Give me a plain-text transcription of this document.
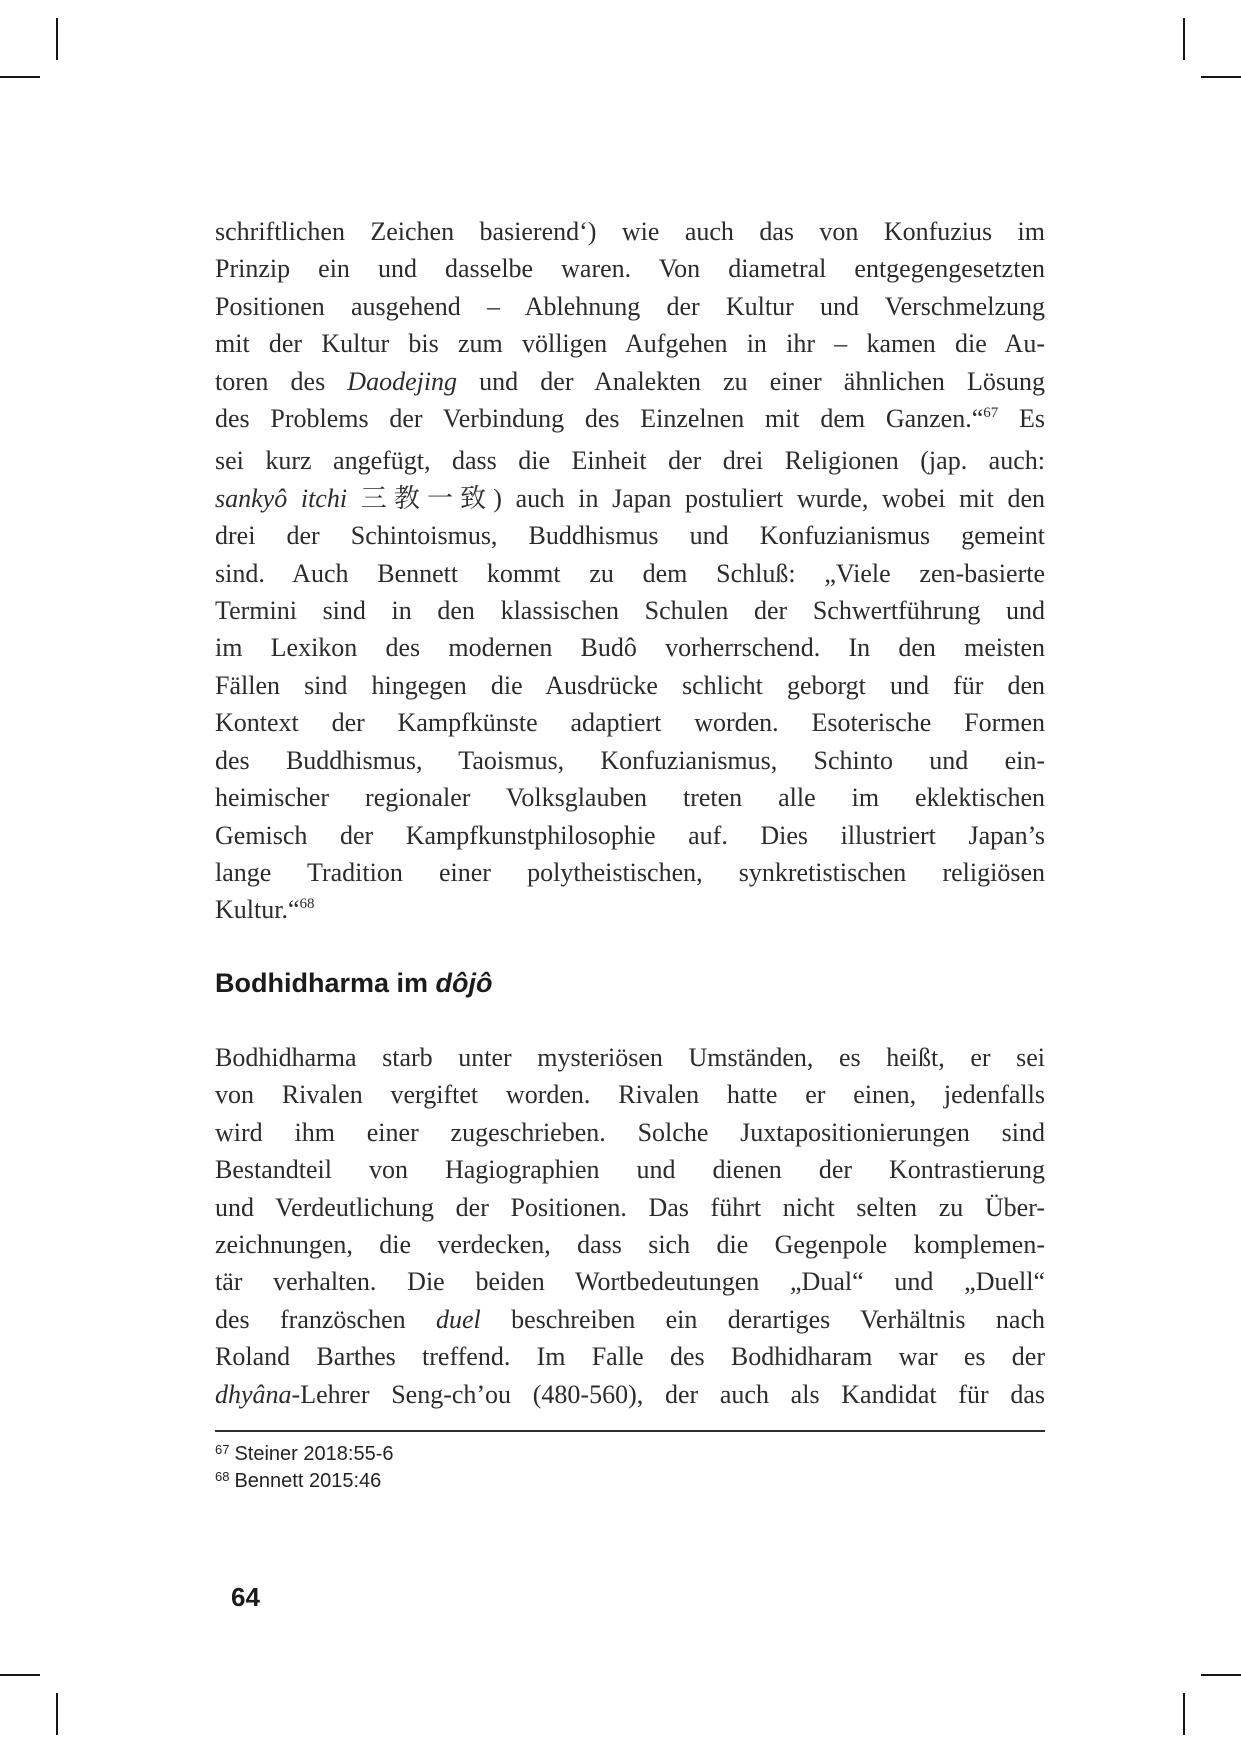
schriftlichen Zeichen basierend‘) wie auch das von Konfuzius im
Prinzip ein und dasselbe waren. Von diametral entgegengesetzten
Positionen ausgehend – Ablehnung der Kultur und Verschmelzung
mit der Kultur bis zum völligen Aufgehen in ihr – kamen die Au-
toren des Daodejing und der Analekten zu einer ähnlichen Lösung
des Problems der Verbindung des Einzelnen mit dem Ganzen.“$^{67}$ Es
sei kurz angefügt, dass die Einheit der drei Religionen (jap. auch:
sankyô itchi 三教一致) auch in Japan postuliert wurde, wobei mit den
drei der Schintoismus, Buddhismus und Konfuzianismus gemeint
sind. Auch Bennett kommt zu dem Schluß: „Viele zen-basierte
Termini sind in den klassischen Schulen der Schwertführung und
im Lexikon des modernen Budô vorherrschend. In den meisten
Fällen sind hingegen die Ausdrücke schlicht geborgt und für den
Kontext der Kampfkünste adaptiert worden. Esoterische Formen
des Buddhismus, Taoismus, Konfuzianismus, Schinto und ein-
heimischer regionaler Volksglauben treten alle im eklektischen
Gemisch der Kampfkunstphilosophie auf. Dies illustriert Japan’s
lange Tradition einer polytheistischen, synkretistischen religiösen
Kultur.“$^{68}$
Bodhidharma im dôjô
Bodhidharma starb unter mysteriösen Umständen, es heißt, er sei
von Rivalen vergiftet worden. Rivalen hatte er einen, jedenfalls
wird ihm einer zugeschrieben. Solche Juxtapositionierungen sind
Bestandteil von Hagiographien und dienen der Kontrastierung
und Verdeutlichung der Positionen. Das führt nicht selten zu Über-
zeichnungen, die verdecken, dass sich die Gegenpole komplemen-
tär verhalten. Die beiden Wortbedeutungen „Dual“ und „Duell“
des französchen duel beschreiben ein derartiges Verhältnis nach
Roland Barthes treffend. Im Falle des Bodhidharam war es der
dhyâna-Lehrer Seng-ch’ou (480-560), der auch als Kandidat für das
$^{67}$ Steiner 2018:55-6
$^{68}$ Bennett 2015:46
64
